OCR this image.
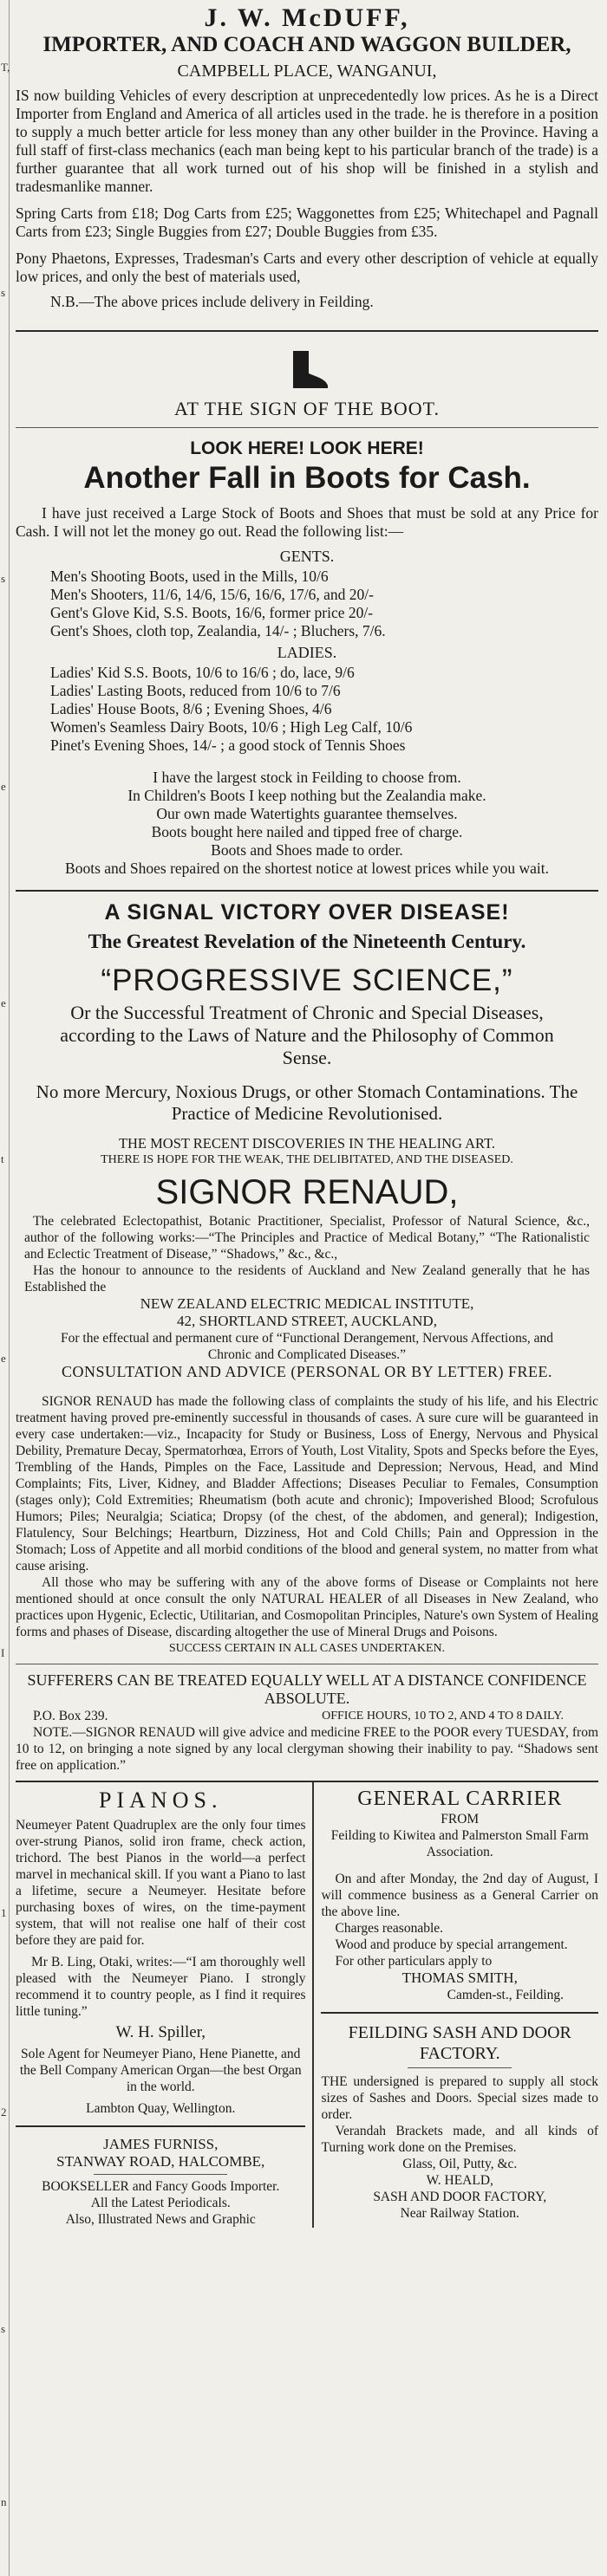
T,
s
s
e
e
t
e
I
1
2
s
n
J. W. McDUFF,
IMPORTER, AND COACH AND WAGGON BUILDER,
CAMPBELL PLACE, WANGANUI,

IS now building Vehicles of every description at unprecedentedly low prices. As he is a Direct Importer from England and America of all articles used in the trade. he is therefore in a position to supply a much better article for less money than any other builder in the Province. Having a full staff of first-class mechanics (each man being kept to his particular branch of the trade) is a further guarantee that all work turned out of his shop will be finished in a stylish and tradesmanlike manner.

Spring Carts from £18; Dog Carts from £25; Waggonettes from £25; Whitechapel and Pagnall Carts from £23; Single Buggies from £27; Double Buggies from £35.

Pony Phaetons, Expresses, Tradesman's Carts and every other description of vehicle at equally low prices, and only the best of materials used,

N.B.—The above prices include delivery in Feilding.

AT THE SIGN OF THE BOOT.
LOOK HERE! LOOK HERE!
Another Fall in Boots for Cash.

I have just received a Large Stock of Boots and Shoes that must be sold at any Price for Cash. I will not let the money go out. Read the following list:—

GENTS.
Men's Shooting Boots, used in the Mills, 10/6
Men's Shooters, 11/6, 14/6, 15/6, 16/6, 17/6, and 20/-
Gent's Glove Kid, S.S. Boots, 16/6, former price 20/-
Gent's Shoes, cloth top, Zealandia, 14/- ; Bluchers, 7/6.
LADIES.
Ladies' Kid S.S. Boots, 10/6 to 16/6 ; do, lace, 9/6
Ladies' Lasting Boots, reduced from 10/6 to 7/6
Ladies' House Boots, 8/6 ; Evening Shoes, 4/6
Women's Seamless Dairy Boots, 10/6 ; High Leg Calf, 10/6
Pinet's Evening Shoes, 14/- ; a good stock of Tennis Shoes
I have the largest stock in Feilding to choose from.
In Children's Boots I keep nothing but the Zealandia make.
Our own made Watertights guarantee themselves.
Boots bought here nailed and tipped free of charge.
Boots and Shoes made to order.

Boots and Shoes repaired on the shortest notice at lowest prices while you wait.

A SIGNAL VICTORY OVER DISEASE!
The Greatest Revelation of the Nineteenth Century.
“PROGRESSIVE SCIENCE,”

Or the Successful Treatment of Chronic and Special Diseases, according to the Laws of Nature and the Philosophy of Common Sense.

No more Mercury, Noxious Drugs, or other Stomach Contaminations. The Practice of Medicine Revolutionised.

THE MOST RECENT DISCOVERIES IN THE HEALING ART.
THERE IS HOPE FOR THE WEAK, THE DELIBITATED, AND THE DISEASED.
SIGNOR RENAUD,

The celebrated Eclectopathist, Botanic Practitioner, Specialist, Professor of Natural Science, &c., author of the following works:—“The Principles and Practice of Medical Botany,” “The Rationalistic and Eclectic Treatment of Disease,” “Shadows,” &c., &c.,

Has the honour to announce to the residents of Auckland and New Zealand generally that he has Established the

NEW ZEALAND ELECTRIC MEDICAL INSTITUTE,
42, SHORTLAND STREET, AUCKLAND,

For the effectual and permanent cure of “Functional Derangement, Nervous Affections, and Chronic and Complicated Diseases.”

CONSULTATION AND ADVICE (PERSONAL OR BY LETTER) FREE.

SIGNOR RENAUD has made the following class of complaints the study of his life, and his Electric treatment having proved pre-eminently successful in thousands of cases. A sure cure will be guaranteed in every case undertaken:—viz., Incapacity for Study or Business, Loss of Energy, Nervous and Physical Debility, Premature Decay, Spermatorhœa, Errors of Youth, Lost Vitality, Spots and Specks before the Eyes, Trembling of the Hands, Pimples on the Face, Lassitude and Depression; Nervous, Head, and Mind Complaints; Fits, Liver, Kidney, and Bladder Affections; Diseases Peculiar to Females, Consumption (stages only); Cold Extremities; Rheumatism (both acute and chronic); Impoverished Blood; Scrofulous Humors; Piles; Neuralgia; Sciatica; Dropsy (of the chest, of the abdomen, and general); Indigestion, Flatulency, Sour Belchings; Heartburn, Dizziness, Hot and Cold Chills; Pain and Oppression in the Stomach; Loss of Appetite and all morbid conditions of the blood and general system, no matter from what cause arising.

All those who may be suffering with any of the above forms of Disease or Complaints not here mentioned should at once consult the only NATURAL HEALER of all Diseases in New Zealand, who practices upon Hygenic, Eclectic, Utilitarian, and Cosmopolitan Principles, Nature's own System of Healing forms and phases of Disease, discarding altogether the use of Mineral Drugs and Poisons.

SUCCESS CERTAIN IN ALL CASES UNDERTAKEN.

SUFFERERS CAN BE TREATED EQUALLY WELL AT A DISTANCE CONFIDENCE ABSOLUTE.

P.O. Box 239.	OFFICE HOURS, 10 TO 2, AND 4 TO 8 DAILY.

NOTE.—SIGNOR RENAUD will give advice and medicine FREE to the POOR every TUESDAY, from 10 to 12, on bringing a note signed by any local clergyman showing their inability to pay. “Shadows sent free on application.”

PIANOS.

Neumeyer Patent Quadruplex are the only four times over-strung Pianos, solid iron frame, check action, trichord. The best Pianos in the world—a perfect marvel in mechanical skill. If you want a Piano to last a lifetime, secure a Neumeyer. Hesitate before purchasing boxes of wires, on the time-payment system, that will not realise one half of their cost before they are paid for.

Mr B. Ling, Otaki, writes:—“I am thoroughly well pleased with the Neumeyer Piano. I strongly recommend it to country people, as I find it requires little tuning.”

W. H. Spiller,

Sole Agent for Neumeyer Piano, Hene Pianette, and the Bell Company American Organ—the best Organ in the world.

Lambton Quay, Wellington.
JAMES FURNISS,
STANWAY ROAD, HALCOMBE,

BOOKSELLER and Fancy Goods Importer.

All the Latest Periodicals.
Also, Illustrated News and Graphic
GENERAL CARRIER
FROM

Feilding to Kiwitea and Palmerston Small Farm Association.

On and after Monday, the 2nd day of August, I will commence business as a General Carrier on the above line.

Charges reasonable.

Wood and produce by special arrangement.

For other particulars apply to
THOMAS SMITH,
Camden-st., Feilding.
FEILDING SASH AND DOOR FACTORY.

THE undersigned is prepared to supply all stock sizes of Sashes and Doors. Special sizes made to order.

Verandah Brackets made, and all kinds of Turning work done on the Premises.

Glass, Oil, Putty, &c.
W. HEALD,
SASH AND DOOR FACTORY,
Near Railway Station.
